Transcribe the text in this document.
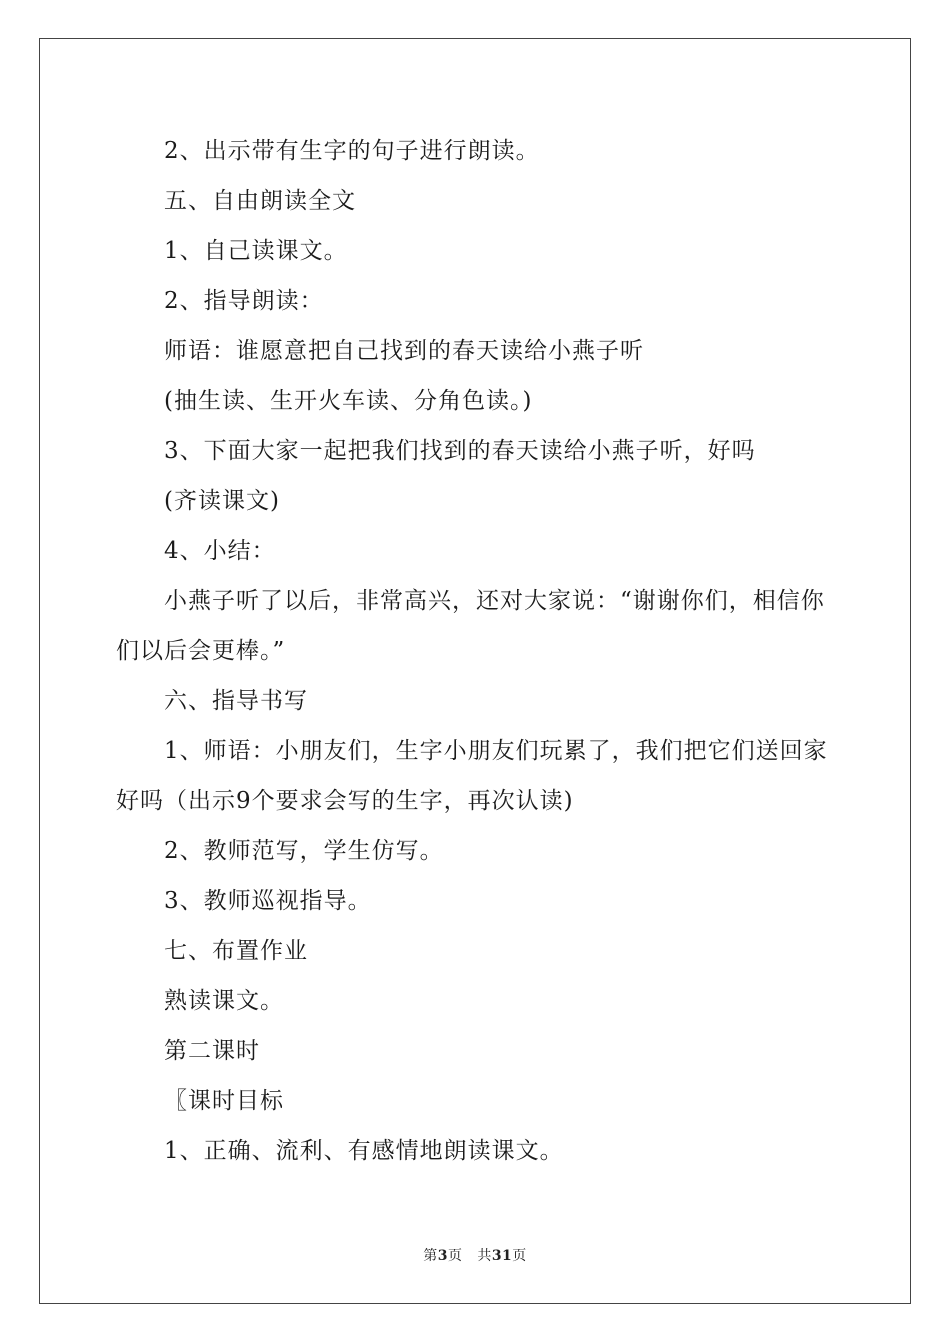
2、出示带有生字的句子进行朗读。
五、自由朗读全文
1、自己读课文。
2、指导朗读：
师语：谁愿意把自己找到的春天读给小燕子听
(抽生读、生开火车读、分角色读。)
3、下面大家一起把我们找到的春天读给小燕子听，好吗
(齐读课文)
4、小结：
小燕子听了以后，非常高兴，还对大家说：“谢谢你们，相信你
们以后会更棒。”
六、指导书写
1、师语：小朋友们，生字小朋友们玩累了，我们把它们送回家
好吗（出示9个要求会写的生字，再次认读)
2、教师范写，学生仿写。
3、教师巡视指导。
七、布置作业
熟读课文。
第二课时
〖课时目标
1、正确、流利、有感情地朗读课文。
第3页 共31页
